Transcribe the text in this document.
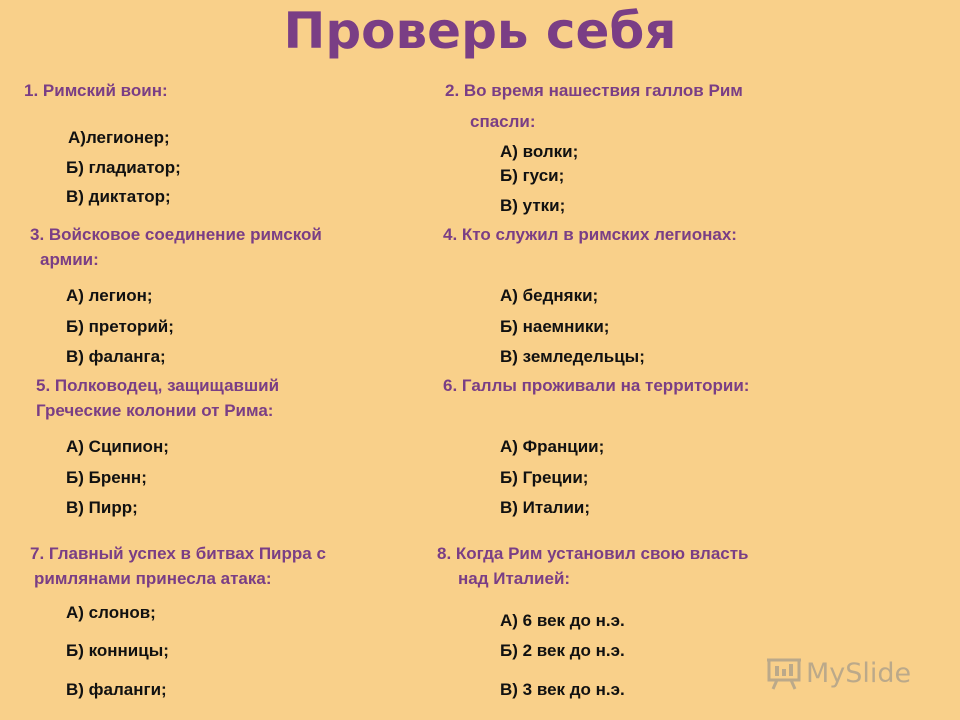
Проверь себя
1. Римский воин:
А)легионер;
Б) гладиатор;
В) диктатор;
2. Во время нашествия галлов Рим
спасли:
А) волки;
Б) гуси;
В) утки;
3. Войсковое соединение римской
армии:
А) легион;
Б) преторий;
В) фаланга;
4. Кто служил в римских легионах:
А) бедняки;
Б) наемники;
В) земледельцы;
5. Полководец, защищавший
Греческие колонии от Рима:
А) Сципион;
Б) Бренн;
В) Пирр;
6. Галлы проживали на территории:
А) Франции;
Б) Греции;
В) Италии;
7. Главный успех в битвах Пирра с
римлянами принесла атака:
А) слонов;
Б) конницы;
В) фаланги;
8. Когда Рим установил свою власть
над Италией:
А) 6 век до н.э.
Б) 2 век до н.э.
В) 3 век до н.э.
MySlide
